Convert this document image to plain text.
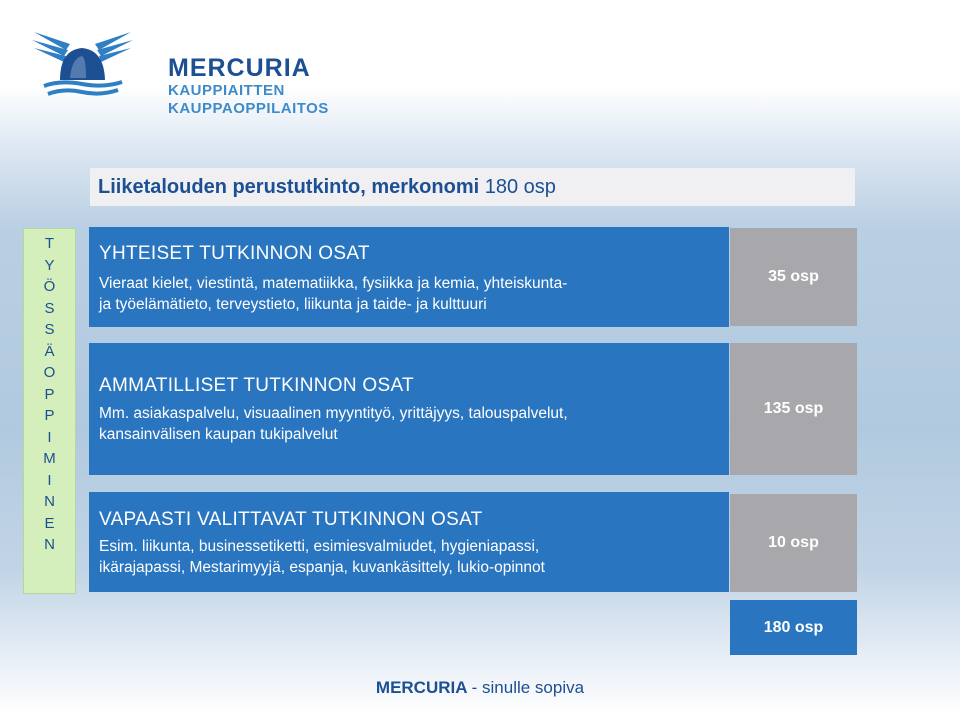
MERCURIA
KAUPPIAITTEN
KAUPPAOPPILAITOS
Liiketalouden perustutkinto, merkonomi 180 osp
T
Y
Ö
S
S
Ä
O
P
P
I
M
I
N
E
N
YHTEISET TUTKINNON OSAT
Vieraat kielet, viestintä, matematiikka, fysiikka ja kemia, yhteiskunta-
ja työelämätieto, terveystieto, liikunta ja taide- ja kulttuuri
AMMATILLISET TUTKINNON OSAT
Mm. asiakaspalvelu, visuaalinen myyntityö, yrittäjyys, talouspalvelut,
kansainvälisen kaupan tukipalvelut
VAPAASTI VALITTAVAT TUTKINNON OSAT
Esim. liikunta, businessetiketti, esimiesvalmiudet, hygieniapassi,
ikärajapassi, Mestarimyyjä, espanja, kuvankäsittely, lukio-opinnot
35 osp
135 osp
10 osp
180 osp
MERCURIA - sinulle sopiva
